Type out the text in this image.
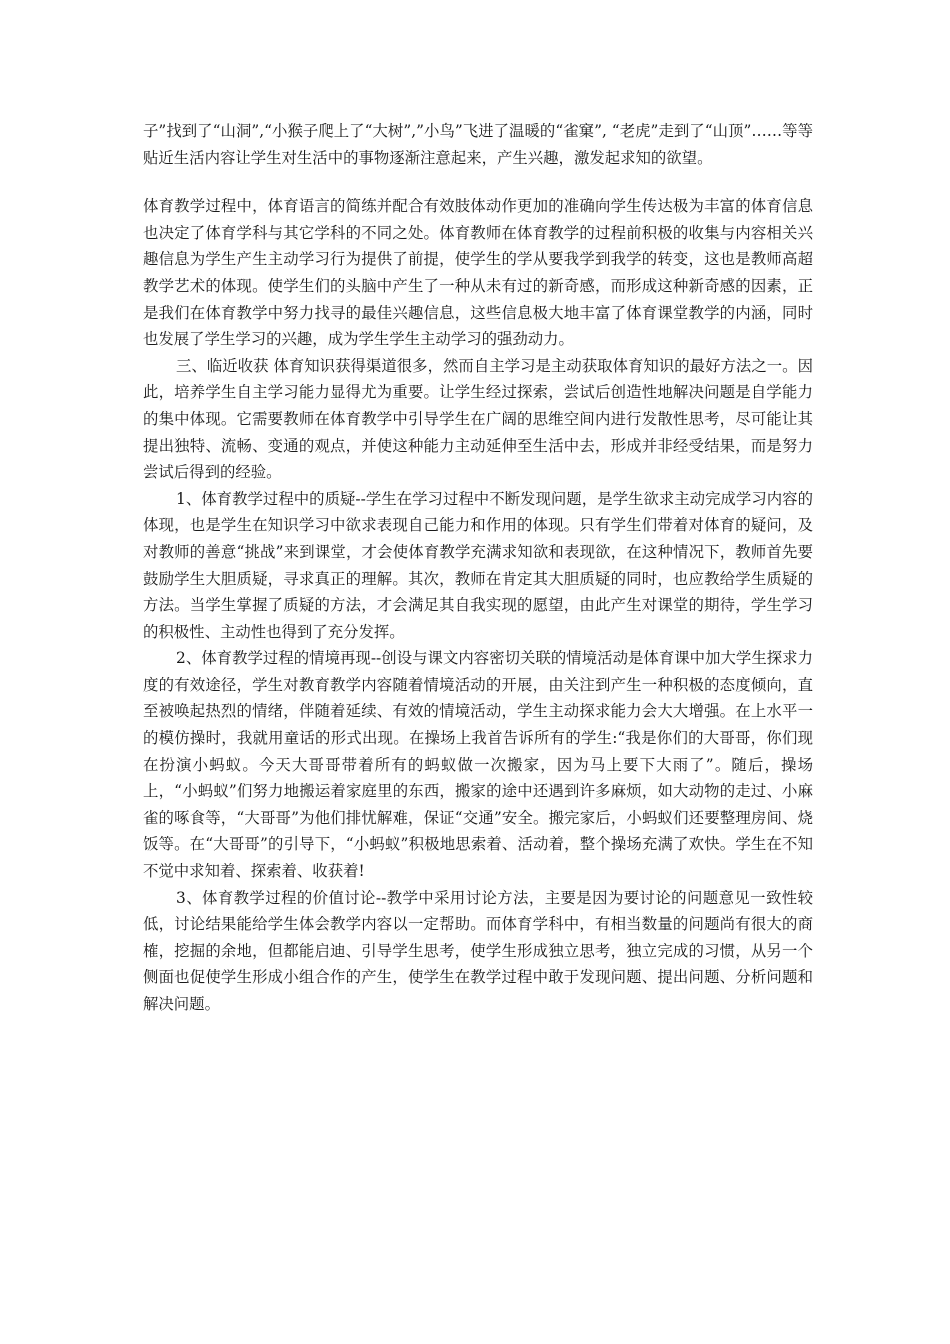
子”找到了“山洞”,“小猴子爬上了“大树”,”小鸟”飞进了温暖的“雀窠”, “老虎”走到了“山顶”……等等贴近生活内容让学生对生活中的事物逐渐注意起来，产生兴趣，激发起求知的欲望。

体育教学过程中，体育语言的简练并配合有效肢体动作更加的准确向学生传达极为丰富的体育信息也决定了体育学科与其它学科的不同之处。体育教师在体育教学的过程前积极的收集与内容相关兴趣信息为学生产生主动学习行为提供了前提，使学生的学从要我学到我学的转变，这也是教师高超教学艺术的体现。使学生们的头脑中产生了一种从未有过的新奇感，而形成这种新奇感的因素，正是我们在体育教学中努力找寻的最佳兴趣信息，这些信息极大地丰富了体育课堂教学的内涵，同时也发展了学生学习的兴趣，成为学生学生主动学习的强劲动力。

三、临近收获 体育知识获得渠道很多，然而自主学习是主动获取体育知识的最好方法之一。因此，培养学生自主学习能力显得尤为重要。让学生经过探索，尝试后创造性地解决问题是自学能力的集中体现。它需要教师在体育教学中引导学生在广阔的思维空间内进行发散性思考，尽可能让其提出独特、流畅、变通的观点，并使这种能力主动延伸至生活中去，形成并非经受结果，而是努力尝试后得到的经验。

1、体育教学过程中的质疑--学生在学习过程中不断发现问题，是学生欲求主动完成学习内容的体现，也是学生在知识学习中欲求表现自己能力和作用的体现。只有学生们带着对体育的疑问，及对教师的善意“挑战”来到课堂，才会使体育教学充满求知欲和表现欲，在这种情况下，教师首先要鼓励学生大胆质疑，寻求真正的理解。其次，教师在肯定其大胆质疑的同时，也应教给学生质疑的方法。当学生掌握了质疑的方法，才会满足其自我实现的愿望，由此产生对课堂的期待，学生学习的积极性、主动性也得到了充分发挥。

2、体育教学过程的情境再现--创设与课文内容密切关联的情境活动是体育课中加大学生探求力度的有效途径，学生对教育教学内容随着情境活动的开展，由关注到产生一种积极的态度倾向，直至被唤起热烈的情绪，伴随着延续、有效的情境活动，学生主动探求能力会大大增强。在上水平一的模仿操时，我就用童话的形式出现。在操场上我首告诉所有的学生:“我是你们的大哥哥，你们现在扮演小蚂蚁。今天大哥哥带着所有的蚂蚁做一次搬家，因为马上要下大雨了”。随后，操场上，“小蚂蚁”们努力地搬运着家庭里的东西，搬家的途中还遇到许多麻烦，如大动物的走过、小麻雀的啄食等，“大哥哥”为他们排忧解难，保证“交通”安全。搬完家后，小蚂蚁们还要整理房间、烧饭等。在“大哥哥”的引导下，“小蚂蚁”积极地思索着、活动着，整个操场充满了欢快。学生在不知不觉中求知着、探索着、收获着!

3、体育教学过程的价值讨论--教学中采用讨论方法，主要是因为要讨论的问题意见一致性较低，讨论结果能给学生体会教学内容以一定帮助。而体育学科中，有相当数量的问题尚有很大的商榷，挖掘的余地，但都能启迪、引导学生思考，使学生形成独立思考，独立完成的习惯，从另一个侧面也促使学生形成小组合作的产生，使学生在教学过程中敢于发现问题、提出问题、分析问题和解决问题。
